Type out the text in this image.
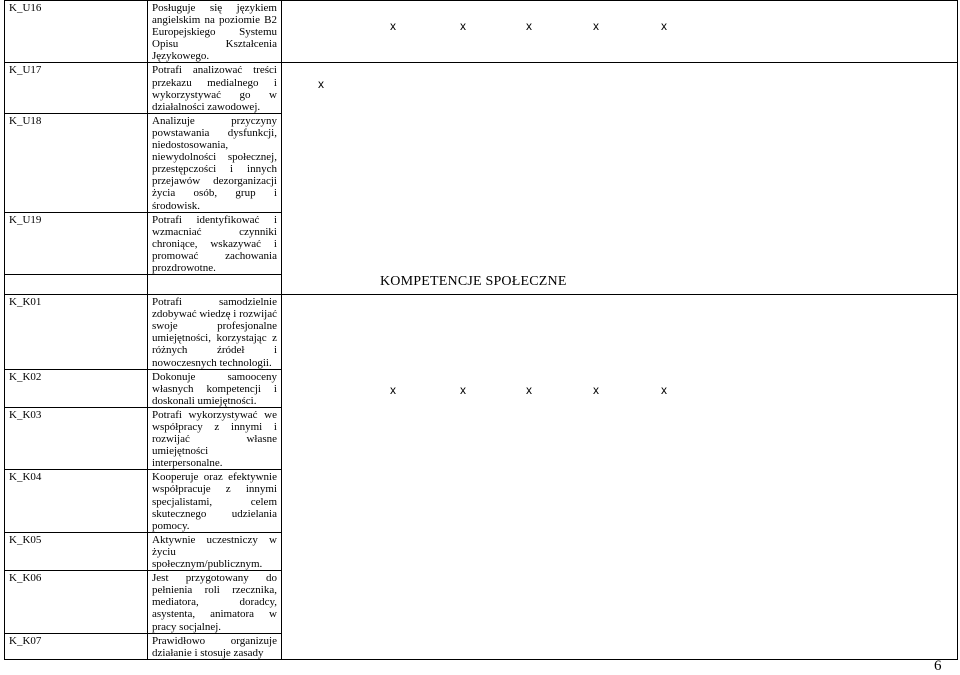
K_U16	Posługuje się językiem angielskim na poziomie B2 Europejskiego Systemu Opisu Kształcenia Językowego.	x x x x x

K_U17	Potrafi analizować treści przekazu medialnego i wykorzystywać go w działalności zawodowej.	x

K_U18	Analizuje przyczyny powstawania dysfunkcji, niedostosowania, niewydolności społecznej, przestępczości i innych przejawów dezorganizacji życia osób, grup i środowisk.	
K_U19	Potrafi identyfikować i wzmacniać czynniki chroniące, wskazywać i promować zachowania prozdrowotne.	

K_K01	Potrafi samodzielnie zdobywać wiedzę i rozwijać swoje profesjonalne umiejętności, korzystając z różnych źródeł i nowoczesnych technologii.	x x x x x

K_K02	Dokonuje samooceny własnych kompetencji i doskonali umiejętności.	
K_K03	Potrafi wykorzystywać we współpracy z innymi i rozwijać własne umiejętności interpersonalne.	
K_K04	Kooperuje oraz efektywnie współpracuje z innymi specjalistami, celem skutecznego udzielania pomocy.	
K_K05	Aktywnie uczestniczy w życiu społecznym/publicznym.	
K_K06	Jest przygotowany do pełnienia roli rzecznika, mediatora, doradcy, asystenta, animatora w pracy socjalnej.	
K_K07	Prawidłowo organizuje działanie i stosuje zasady	
KOMPETENCJE SPOŁECZNE
6
